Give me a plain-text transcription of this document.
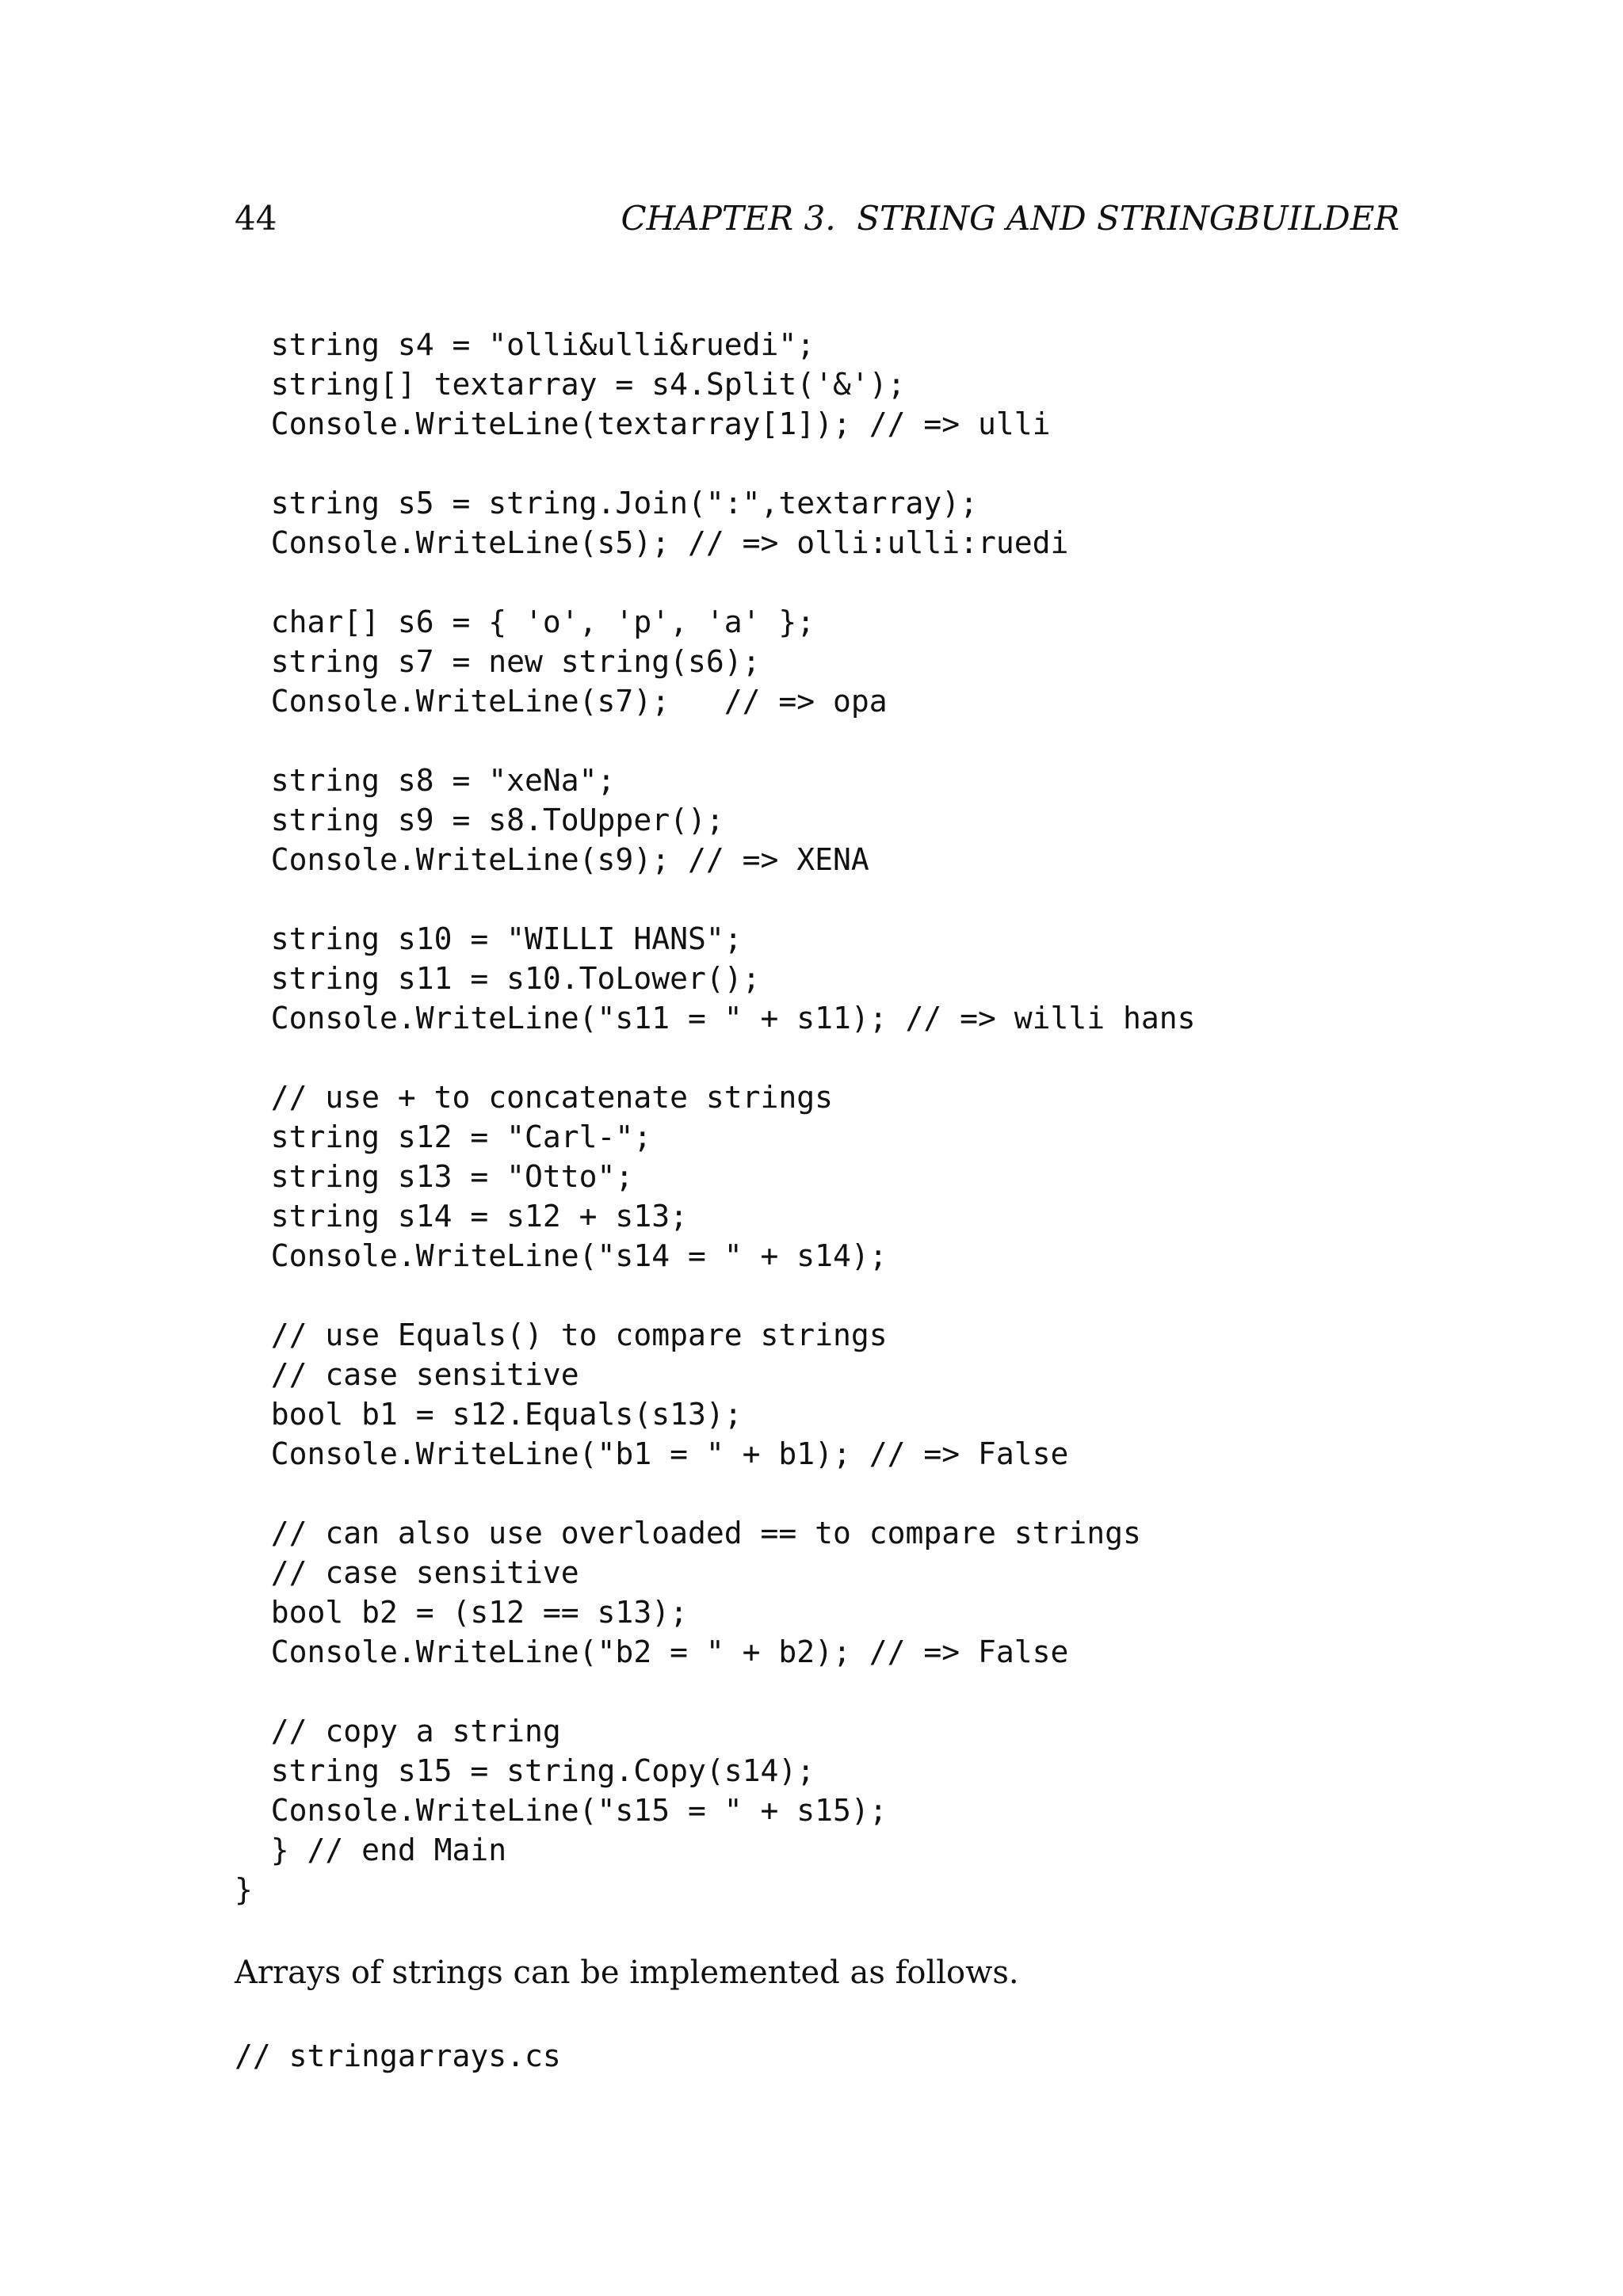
44	CHAPTER 3.  STRING AND STRINGBUILDER
string s4 = "olli&ulli&ruedi";
string[] textarray = s4.Split('&');
Console.WriteLine(textarray[1]); // => ulli
string s5 = string.Join(":",textarray);
Console.WriteLine(s5); // => olli:ulli:ruedi
char[] s6 = { 'o', 'p', 'a' };
string s7 = new string(s6);
Console.WriteLine(s7);   // => opa
string s8 = "xeNa";
string s9 = s8.ToUpper();
Console.WriteLine(s9); // => XENA
string s10 = "WILLI HANS";
string s11 = s10.ToLower();
Console.WriteLine("s11 = " + s11); // => willi hans
// use + to concatenate strings
string s12 = "Carl-";
string s13 = "Otto";
string s14 = s12 + s13;
Console.WriteLine("s14 = " + s14);
// use Equals() to compare strings
// case sensitive
bool b1 = s12.Equals(s13);
Console.WriteLine("b1 = " + b1); // => False
// can also use overloaded == to compare strings
// case sensitive
bool b2 = (s12 == s13);
Console.WriteLine("b2 = " + b2); // => False
// copy a string
string s15 = string.Copy(s14);
Console.WriteLine("s15 = " + s15);
} // end Main
}

Arrays of strings can be implemented as follows.

// stringarrays.cs
